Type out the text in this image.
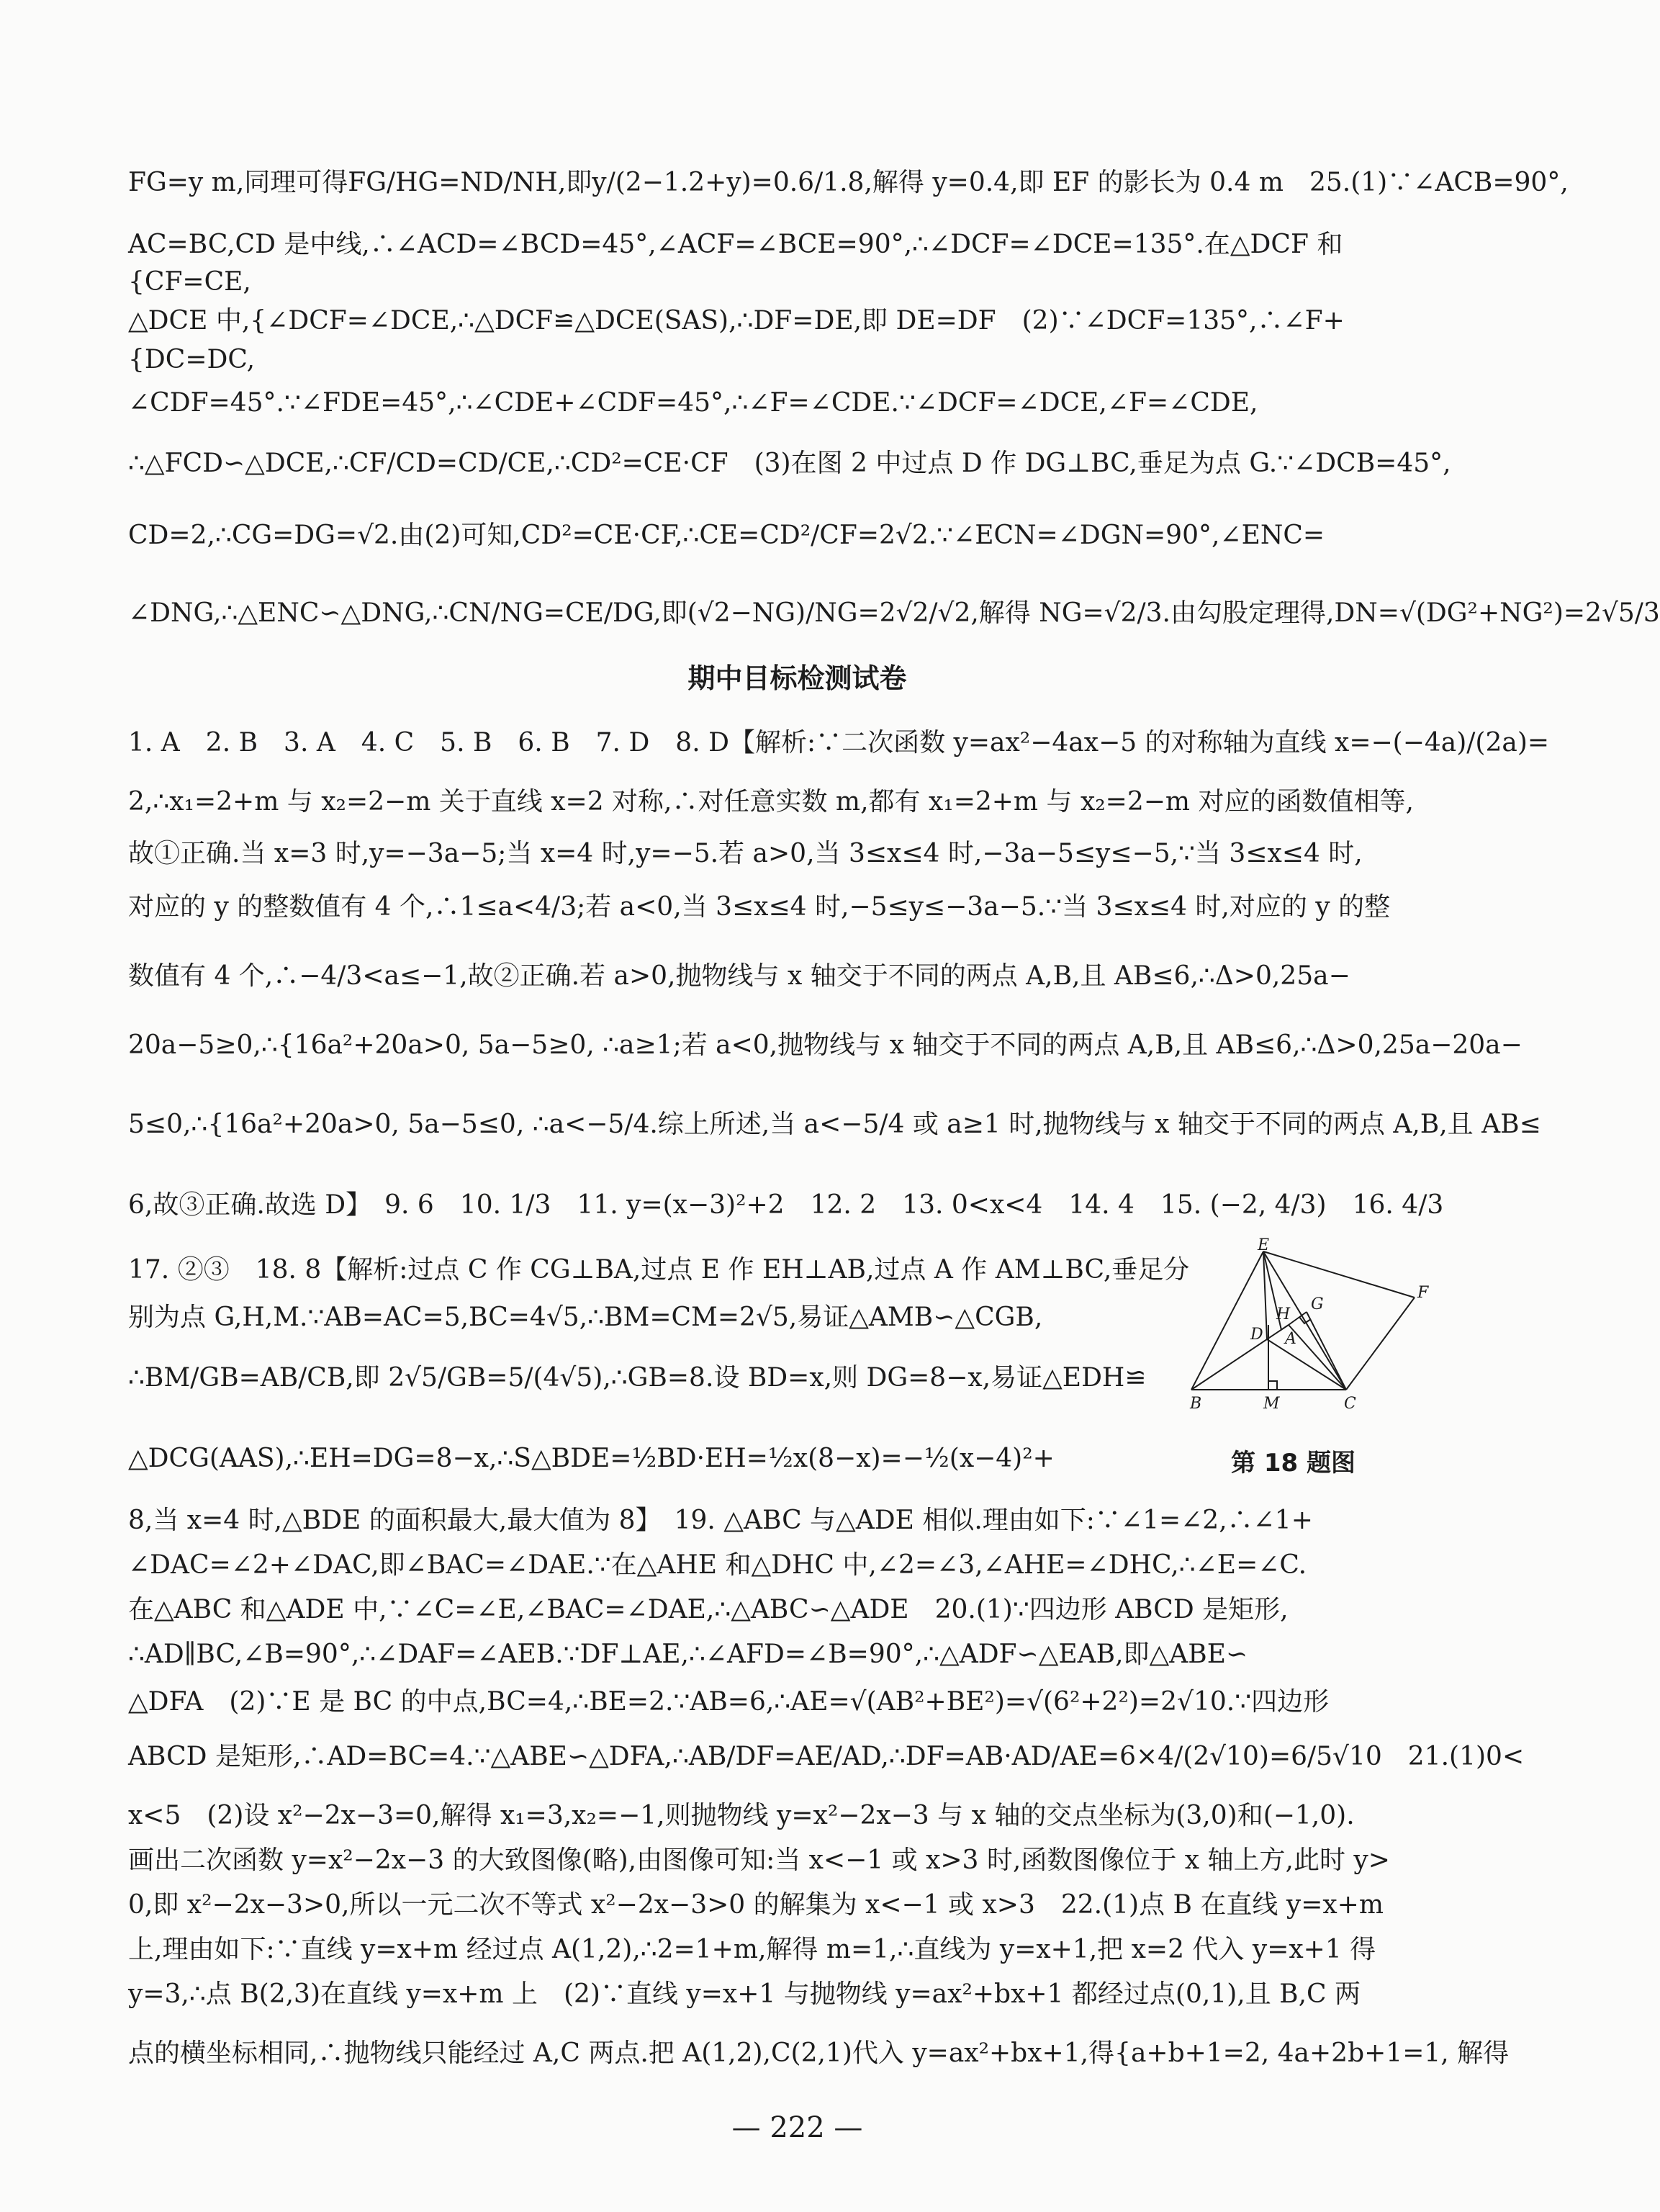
FG=y m,同理可得FG/HG=ND/NH,即y/(2−1.2+y)=0.6/1.8,解得 y=0.4,即 EF 的影长为 0.4 m　25.(1)∵∠ACB=90°,
AC=BC,CD 是中线,∴∠ACD=∠BCD=45°,∠ACF=∠BCE=90°,∴∠DCF=∠DCE=135°.在△DCF 和
{CF=CE,
△DCE 中,{∠DCF=∠DCE,∴△DCF≌△DCE(SAS),∴DF=DE,即 DE=DF　(2)∵∠DCF=135°,∴∠F+
{DC=DC,
∠CDF=45°.∵∠FDE=45°,∴∠CDE+∠CDF=45°,∴∠F=∠CDE.∵∠DCF=∠DCE,∠F=∠CDE,
∴△FCD∽△DCE,∴CF/CD=CD/CE,∴CD²=CE·CF　(3)在图 2 中过点 D 作 DG⊥BC,垂足为点 G.∵∠DCB=45°,
CD=2,∴CG=DG=√2.由(2)可知,CD²=CE·CF,∴CE=CD²/CF=2√2.∵∠ECN=∠DGN=90°,∠ENC=
∠DNG,∴△ENC∽△DNG,∴CN/NG=CE/DG,即(√2−NG)/NG=2√2/√2,解得 NG=√2/3.由勾股定理得,DN=√(DG²+NG²)=2√5/3
期中目标检测试卷
1. A　2. B　3. A　4. C　5. B　6. B　7. D　8. D【解析:∵二次函数 y=ax²−4ax−5 的对称轴为直线 x=−(−4a)/(2a)=
2,∴x₁=2+m 与 x₂=2−m 关于直线 x=2 对称,∴对任意实数 m,都有 x₁=2+m 与 x₂=2−m 对应的函数值相等,
故①正确.当 x=3 时,y=−3a−5;当 x=4 时,y=−5.若 a>0,当 3≤x≤4 时,−3a−5≤y≤−5,∵当 3≤x≤4 时,
对应的 y 的整数值有 4 个,∴1≤a<4/3;若 a<0,当 3≤x≤4 时,−5≤y≤−3a−5.∵当 3≤x≤4 时,对应的 y 的整
数值有 4 个,∴−4/3<a≤−1,故②正确.若 a>0,抛物线与 x 轴交于不同的两点 A,B,且 AB≤6,∴Δ>0,25a−
20a−5≥0,∴{16a²+20a>0, 5a−5≥0, ∴a≥1;若 a<0,抛物线与 x 轴交于不同的两点 A,B,且 AB≤6,∴Δ>0,25a−20a−
5≤0,∴{16a²+20a>0, 5a−5≤0, ∴a<−5/4.综上所述,当 a<−5/4 或 a≥1 时,抛物线与 x 轴交于不同的两点 A,B,且 AB≤
6,故③正确.故选 D】　9. 6　10. 1/3　11. y=(x−3)²+2　12. 2　13. 0<x<4　14. 4　15. (−2, 4/3)　16. 4/3
17. ②③　18. 8【解析:过点 C 作 CG⊥BA,过点 E 作 EH⊥AB,过点 A 作 AM⊥BC,垂足分
别为点 G,H,M.∵AB=AC=5,BC=4√5,∴BM=CM=2√5,易证△AMB∽△CGB,
∴BM/GB=AB/CB,即 2√5/GB=5/(4√5),∴GB=8.设 BD=x,则 DG=8−x,易证△EDH≌
△DCG(AAS),∴EH=DG=8−x,∴S△BDE=½BD·EH=½x(8−x)=−½(x−4)²+
8,当 x=4 时,△BDE 的面积最大,最大值为 8】　19. △ABC 与△ADE 相似.理由如下:∵∠1=∠2,∴∠1+
∠DAC=∠2+∠DAC,即∠BAC=∠DAE.∵在△AHE 和△DHC 中,∠2=∠3,∠AHE=∠DHC,∴∠E=∠C.
在△ABC 和△ADE 中,∵∠C=∠E,∠BAC=∠DAE,∴△ABC∽△ADE　20.(1)∵四边形 ABCD 是矩形,
∴AD∥BC,∠B=90°,∴∠DAF=∠AEB.∵DF⊥AE,∴∠AFD=∠B=90°,∴△ADF∽△EAB,即△ABE∽
△DFA　(2)∵E 是 BC 的中点,BC=4,∴BE=2.∵AB=6,∴AE=√(AB²+BE²)=√(6²+2²)=2√10.∵四边形
ABCD 是矩形,∴AD=BC=4.∵△ABE∽△DFA,∴AB/DF=AE/AD,∴DF=AB·AD/AE=6×4/(2√10)=6/5√10　21.(1)0<
x<5　(2)设 x²−2x−3=0,解得 x₁=3,x₂=−1,则抛物线 y=x²−2x−3 与 x 轴的交点坐标为(3,0)和(−1,0).
画出二次函数 y=x²−2x−3 的大致图像(略),由图像可知:当 x<−1 或 x>3 时,函数图像位于 x 轴上方,此时 y>
0,即 x²−2x−3>0,所以一元二次不等式 x²−2x−3>0 的解集为 x<−1 或 x>3　22.(1)点 B 在直线 y=x+m
上,理由如下:∵直线 y=x+m 经过点 A(1,2),∴2=1+m,解得 m=1,∴直线为 y=x+1,把 x=2 代入 y=x+1 得
y=3,∴点 B(2,3)在直线 y=x+m 上　(2)∵直线 y=x+1 与抛物线 y=ax²+bx+1 都经过点(0,1),且 B,C 两
点的横坐标相同,∴抛物线只能经过 A,C 两点.把 A(1,2),C(2,1)代入 y=ax²+bx+1,得{a+b+1=2, 4a+2b+1=1, 解得
E
F
H
G
A
D
B	M	C
第 18 题图
— 222 —
